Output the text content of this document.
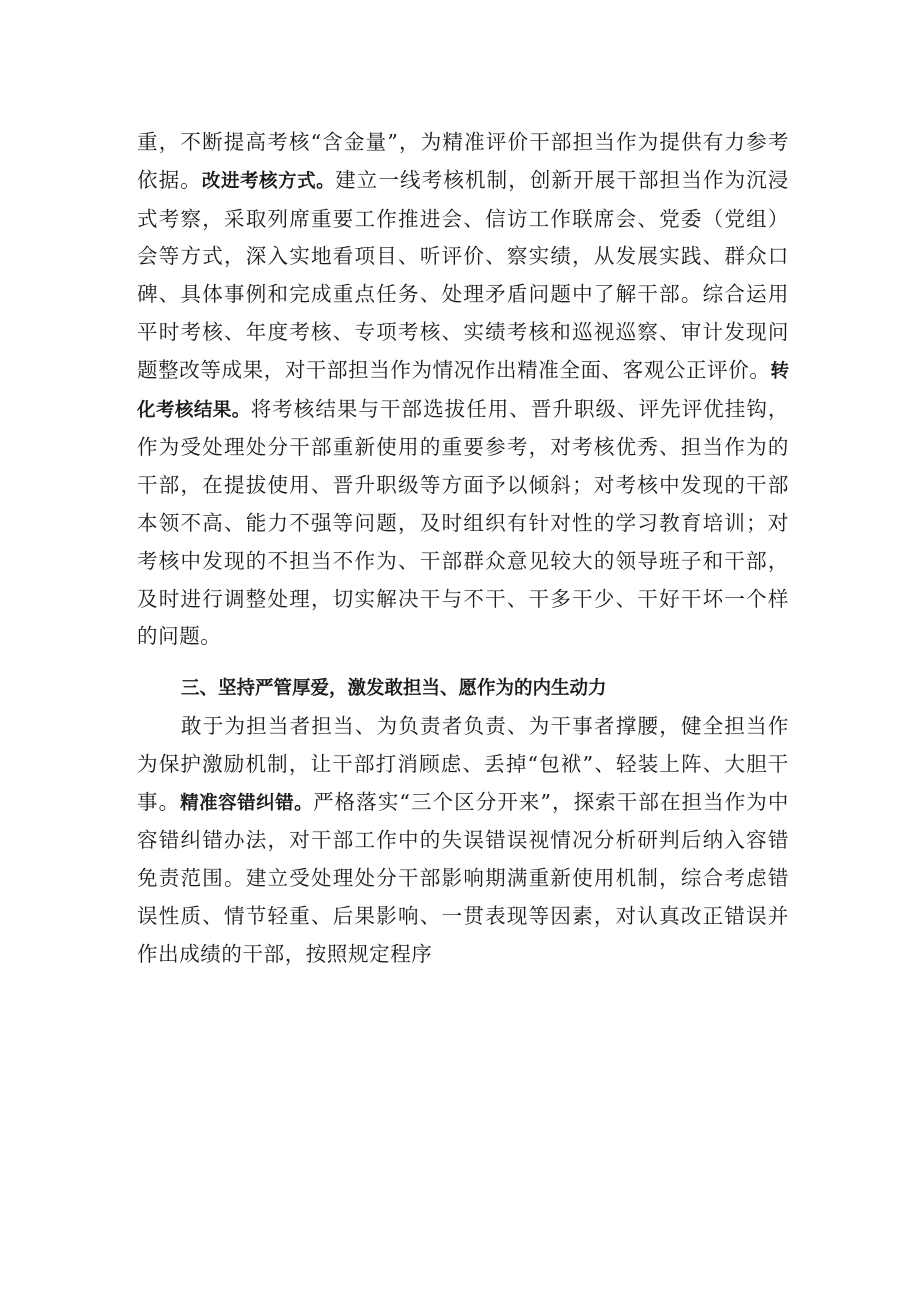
重，不断提高考核“含金量”，为精准评价干部担当作为提供有力参考依据。改进考核方式。建立一线考核机制，创新开展干部担当作为沉浸式考察，采取列席重要工作推进会、信访工作联席会、党委（党组）会等方式，深入实地看项目、听评价、察实绩，从发展实践、群众口碑、具体事例和完成重点任务、处理矛盾问题中了解干部。综合运用平时考核、年度考核、专项考核、实绩考核和巡视巡察、审计发现问题整改等成果，对干部担当作为情况作出精准全面、客观公正评价。转化考核结果。将考核结果与干部选拔任用、晋升职级、评先评优挂钩，作为受处理处分干部重新使用的重要参考，对考核优秀、担当作为的干部，在提拔使用、晋升职级等方面予以倾斜；对考核中发现的干部本领不高、能力不强等问题，及时组织有针对性的学习教育培训；对考核中发现的不担当不作为、干部群众意见较大的领导班子和干部，及时进行调整处理，切实解决干与不干、干多干少、干好干坏一个样的问题。

三、坚持严管厚爱，激发敢担当、愿作为的内生动力

敢于为担当者担当、为负责者负责、为干事者撑腰，健全担当作为保护激励机制，让干部打消顾虑、丢掉“包袱”、轻装上阵、大胆干事。精准容错纠错。严格落实“三个区分开来”，探索干部在担当作为中容错纠错办法，对干部工作中的失误错误视情况分析研判后纳入容错免责范围。建立受处理处分干部影响期满重新使用机制，综合考虑错误性质、情节轻重、后果影响、一贯表现等因素，对认真改正错误并作出成绩的干部，按照规定程序
